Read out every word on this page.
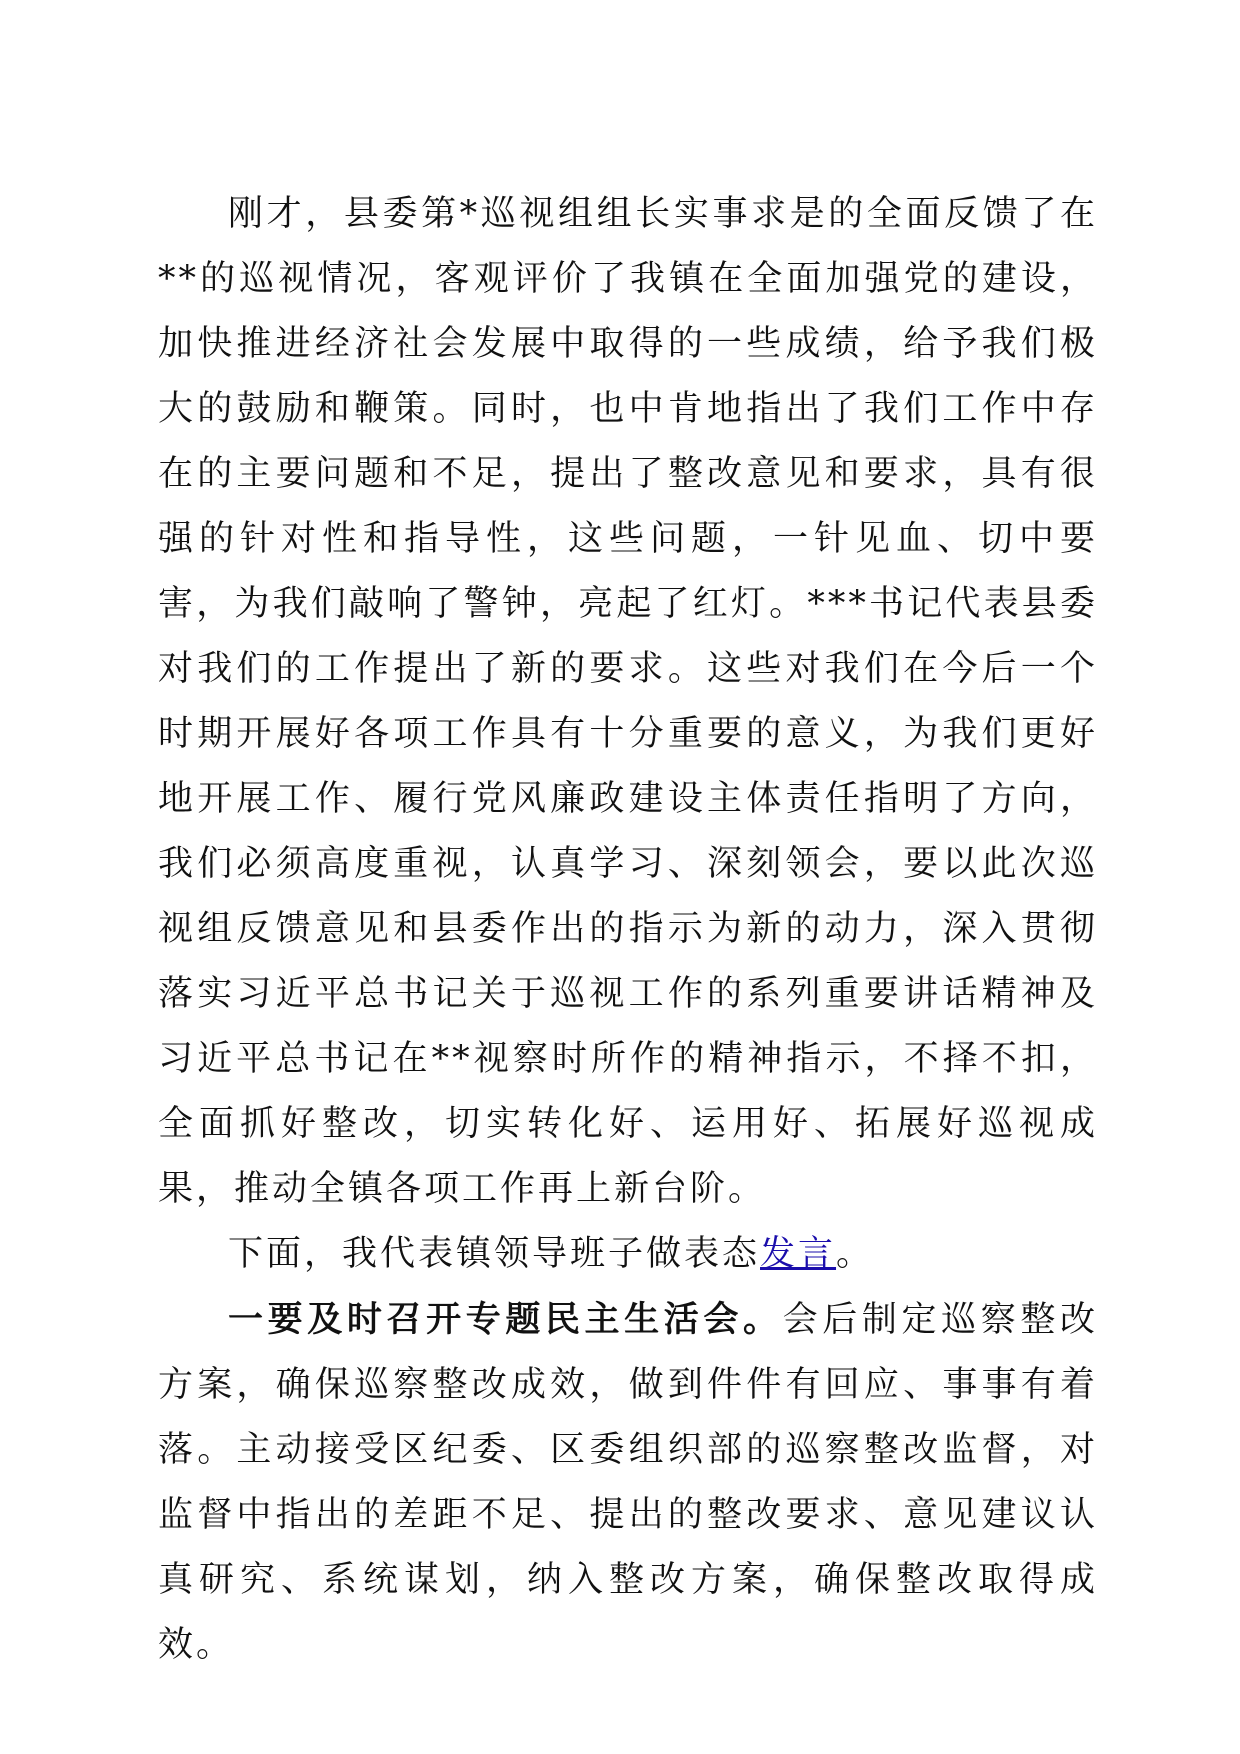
刚才，县委第*巡视组组长实事求是的全面反馈了在**的巡视情况，客观评价了我镇在全面加强党的建设，加快推进经济社会发展中取得的一些成绩，给予我们极大的鼓励和鞭策。同时，也中肯地指出了我们工作中存在的主要问题和不足，提出了整改意见和要求，具有很强的针对性和指导性，这些问题，一针见血、切中要害，为我们敲响了警钟，亮起了红灯。***书记代表县委对我们的工作提出了新的要求。这些对我们在今后一个时期开展好各项工作具有十分重要的意义，为我们更好地开展工作、履行党风廉政建设主体责任指明了方向，我们必须高度重视，认真学习、深刻领会，要以此次巡视组反馈意见和县委作出的指示为新的动力，深入贯彻落实习近平总书记关于巡视工作的系列重要讲话精神及习近平总书记在**视察时所作的精神指示，不择不扣，全面抓好整改，切实转化好、运用好、拓展好巡视成果，推动全镇各项工作再上新台阶。

下面，我代表镇领导班子做表态发言。

一要及时召开专题民主生活会。会后制定巡察整改方案，确保巡察整改成效，做到件件有回应、事事有着落。主动接受区纪委、区委组织部的巡察整改监督，对监督中指出的差距不足、提出的整改要求、意见建议认真研究、系统谋划，纳入整改方案，确保整改取得成效。
